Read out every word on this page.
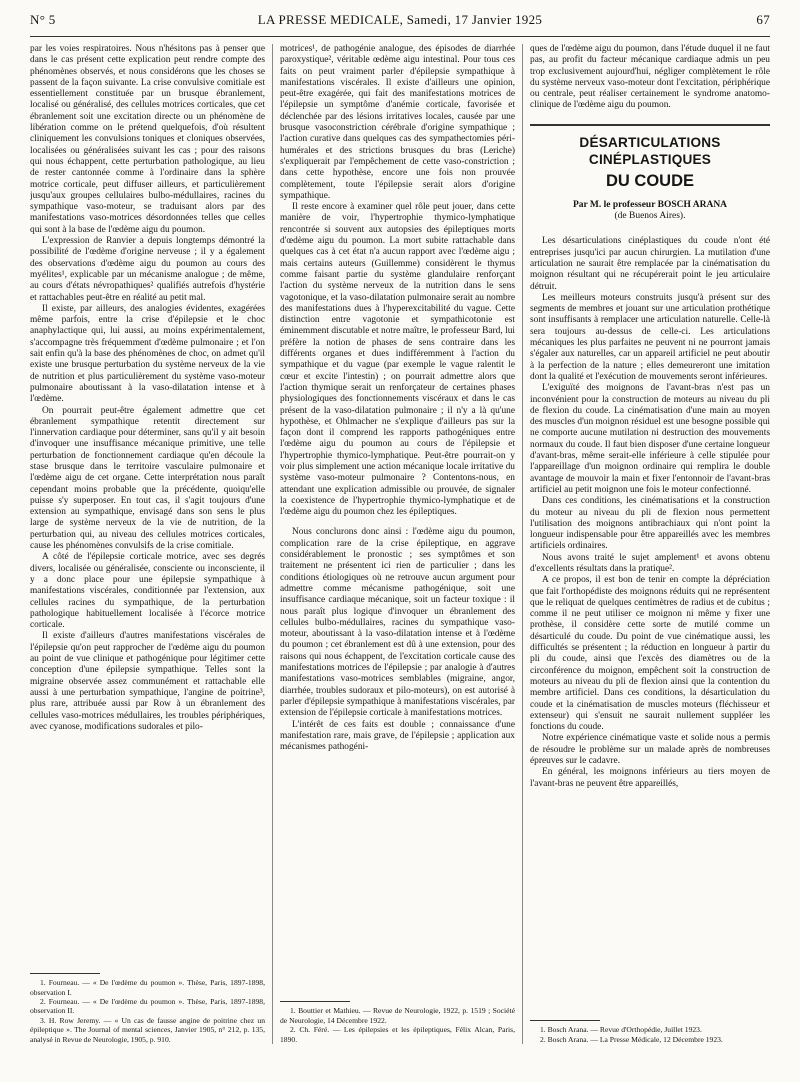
N° 5	LA PRESSE MEDICALE, Samedi, 17 Janvier 1925	67

par les voies respiratoires. Nous n'hésitons pas à penser que dans le cas présent cette explication peut rendre compte des phénomènes observés, et nous considérons que les choses se passent de la façon suivante. La crise convulsive comitiale est essentiellement constituée par un brusque ébranlement, localisé ou généralisé, des cellules motrices corticales, que cet ébranlement soit une excitation directe ou un phénomène de libération comme on le prétend quelquefois, d'où résultent cliniquement les convulsions toniques et cloniques observées, localisées ou généralisées suivant les cas ; pour des raisons qui nous échappent, cette perturbation pathologique, au lieu de rester cantonnée comme à l'ordinaire dans la sphère motrice corticale, peut diffuser ailleurs, et particulièrement jusqu'aux groupes cellulaires bulbo-médullaires, racines du sympathique vaso-moteur, se traduisant alors par des manifestations vaso-motrices désordonnées telles que celles qui sont à la base de l'œdème aigu du poumon.

L'expression de Ranvier a depuis longtemps démontré la possibilité de l'œdème d'origine nerveuse ; il y a également des observations d'œdème aigu du poumon au cours des myélites¹, explicable par un mécanisme analogue ; de même, au cours d'états névropathiques² qualifiés autrefois d'hystérie et rattachables peut-être en réalité au petit mal.

Il existe, par ailleurs, des analogies évidentes, exagérées même parfois, entre la crise d'épilepsie et le choc anaphylactique qui, lui aussi, au moins expérimentalement, s'accompagne très fréquemment d'œdème pulmonaire ; et l'on sait enfin qu'à la base des phénomènes de choc, on admet qu'il existe une brusque perturbation du système nerveux de la vie de nutrition et plus particulièrement du système vaso-moteur pulmonaire aboutissant à la vaso-dilatation intense et à l'œdème.

On pourrait peut-être également admettre que cet ébranlement sympathique retentit directement sur l'innervation cardiaque pour déterminer, sans qu'il y ait besoin d'invoquer une insuffisance mécanique primitive, une telle perturbation de fonctionnement cardiaque qu'en découle la stase brusque dans le territoire vasculaire pulmonaire et l'œdème aigu de cet organe. Cette interprétation nous paraît cependant moins probable que la précédente, quoiqu'elle puisse s'y superposer. En tout cas, il s'agit toujours d'une extension au sympathique, envisagé dans son sens le plus large de système nerveux de la vie de nutrition, de la perturbation qui, au niveau des cellules motrices corticales, cause les phénomènes convulsifs de la crise comitiale.

A côté de l'épilepsie corticale motrice, avec ses degrés divers, localisée ou généralisée, consciente ou inconsciente, il y a donc place pour une épilepsie sympathique à manifestations viscérales, conditionnée par l'extension, aux cellules racines du sympathique, de la perturbation pathologique habituellement localisée à l'écorce motrice corticale.

Il existe d'ailleurs d'autres manifestations viscérales de l'épilepsie qu'on peut rapprocher de l'œdème aigu du poumon au point de vue clinique et pathogénique pour légitimer cette conception d'une épilepsie sympathique. Telles sont la migraine observée assez communément et rattachable elle aussi à une perturbation sympathique, l'angine de poitrine³, plus rare, attribuée aussi par Row à un ébranlement des cellules vaso-motrices médullaires, les troubles périphériques, avec cyanose, modifications sudorales et pilo-

1. Fourneau. — « De l'œdème du poumon ». Thèse, Paris, 1897-1898, observation I.
2. Fourneau. — « De l'œdème du poumon ». Thèse, Paris, 1897-1898, observation II.
3. H. Row Jeremy. — « Un cas de fausse angine de poitrine chez un épileptique ». The Journal of mental sciences, Janvier 1905, n° 212, p. 135, analysé in Revue de Neurologie, 1905, p. 910.

motrices¹, de pathogénie analogue, des épisodes de diarrhée paroxystique², véritable œdème aigu intestinal. Pour tous ces faits on peut vraiment parler d'épilepsie sympathique à manifestations viscérales. Il existe d'ailleurs une opinion, peut-être exagérée, qui fait des manifestations motrices de l'épilepsie un symptôme d'anémie corticale, favorisée et déclenchée par des lésions irritatives locales, causée par une brusque vasoconstriction cérébrale d'origine sympathique ; l'action curative dans quelques cas des sympathectomies péri-humérales et des strictions brusques du bras (Leriche) s'expliquerait par l'empêchement de cette vaso-constriction ; dans cette hypothèse, encore une fois non prouvée complètement, toute l'épilepsie serait alors d'origine sympathique.

Il reste encore à examiner quel rôle peut jouer, dans cette manière de voir, l'hypertrophie thymico-lymphatique rencontrée si souvent aux autopsies des épileptiques morts d'œdème aigu du poumon. La mort subite rattachable dans quelques cas à cet état n'a aucun rapport avec l'œdème aigu ; mais certains auteurs (Guillemme) considèrent le thymus comme faisant partie du système glandulaire renforçant l'action du système nerveux de la nutrition dans le sens vagotonique, et la vaso-dilatation pulmonaire serait au nombre des manifestations dues à l'hyperexcitabilité du vague. Cette distinction entre vagotonie et sympathicotonie est éminemment discutable et notre maître, le professeur Bard, lui préfère la notion de phases de sens contraire dans les différents organes et dues indifféremment à l'action du sympathique et du vague (par exemple le vague ralentit le cœur et excite l'intestin) ; on pourrait admettre alors que l'action thymique serait un renforçateur de certaines phases physiologiques des fonctionnements viscéraux et dans le cas présent de la vaso-dilatation pulmonaire ; il n'y a là qu'une hypothèse, et Ohlmacher ne s'explique d'ailleurs pas sur la façon dont il comprend les rapports pathogéniques entre l'œdème aigu du poumon au cours de l'épilepsie et l'hypertrophie thymico-lymphatique. Peut-être pourrait-on y voir plus simplement une action mécanique locale irritative du système vaso-moteur pulmonaire ? Contentons-nous, en attendant une explication admissible ou prouvée, de signaler la coexistence de l'hypertrophie thymico-lymphatique et de l'œdème aigu du poumon chez les épileptiques.

Nous conclurons donc ainsi : l'œdème aigu du poumon, complication rare de la crise épileptique, en aggrave considérablement le pronostic ; ses symptômes et son traitement ne présentent ici rien de particulier ; dans les conditions étiologiques où ne retrouve aucun argument pour admettre comme mécanisme pathogénique, soit une insuffisance cardiaque mécanique, soit un facteur toxique : il nous paraît plus logique d'invoquer un ébranlement des cellules bulbo-médullaires, racines du sympathique vaso-moteur, aboutissant à la vaso-dilatation intense et à l'œdème du poumon ; cet ébranlement est dû à une extension, pour des raisons qui nous échappent, de l'excitation corticale cause des manifestations motrices de l'épilepsie ; par analogie à d'autres manifestations vaso-motrices semblables (migraine, angor, diarrhée, troubles sudoraux et pilo-moteurs), on est autorisé à parler d'épilepsie sympathique à manifestations viscérales, par extension de l'épilepsie corticale à manifestations motrices.

L'intérêt de ces faits est double ; connaissance d'une manifestation rare, mais grave, de l'épilepsie ; application aux mécanismes pathogéni-

1. Bouttier et Mathieu. — Revue de Neurologie, 1922, p. 1519 ; Société de Neurologie, 14 Décembre 1922.
2. Ch. Féré. — Les épilepsies et les épileptiques, Félix Alcan, Paris, 1890.

ques de l'œdème aigu du poumon, dans l'étude duquel il ne faut pas, au profit du facteur mécanique cardiaque admis un peu trop exclusivement aujourd'hui, négliger complètement le rôle du système nerveux vaso-moteur dont l'excitation, périphérique ou centrale, peut réaliser certainement le syndrome anatomo-clinique de l'œdème aigu du poumon.

DÉSARTICULATIONS CINÉPLASTIQUES
DU COUDE
Par M. le professeur BOSCH ARANA
(de Buenos Aires).

Les désarticulations cinéplastiques du coude n'ont été entreprises jusqu'ici par aucun chirurgien. La mutilation d'une articulation ne saurait être remplacée par la cinématisation du moignon résultant qui ne récupérerait point le jeu articulaire détruit.

Les meilleurs moteurs construits jusqu'à présent sur des segments de membres et jouant sur une articulation prothétique sont insuffisants à remplacer une articulation naturelle. Celle-là sera toujours au-dessus de celle-ci. Les articulations mécaniques les plus parfaites ne peuvent ni ne pourront jamais s'égaler aux naturelles, car un appareil artificiel ne peut aboutir à la perfection de la nature ; elles demeureront une imitation dont la qualité et l'exécution de mouvements seront inférieures.

L'exiguïté des moignons de l'avant-bras n'est pas un inconvénient pour la construction de moteurs au niveau du pli de flexion du coude. La cinématisation d'une main au moyen des muscles d'un moignon résiduel est une besogne possible qui ne comporte aucune mutilation ni destruction des mouvements normaux du coude. Il faut bien disposer d'une certaine longueur d'avant-bras, même serait-elle inférieure à celle stipulée pour l'appareillage d'un moignon ordinaire qui remplira le double avantage de mouvoir la main et fixer l'entonnoir de l'avant-bras artificiel au petit moignon une fois le moteur confectionné.

Dans ces conditions, les cinématisations et la construction du moteur au niveau du pli de flexion nous permettent l'utilisation des moignons antibrachiaux qui n'ont point la longueur indispensable pour être appareillés avec les membres artificiels ordinaires.

Nous avons traité le sujet amplement¹ et avons obtenu d'excellents résultats dans la pratique².

A ce propos, il est bon de tenir en compte la dépréciation que fait l'orthopédiste des moignons réduits qui ne représentent que le reliquat de quelques centimètres de radius et de cubitus ; comme il ne peut utiliser ce moignon ni même y fixer une prothèse, il considère cette sorte de mutilé comme un désarticulé du coude. Du point de vue cinématique aussi, les difficultés se présentent ; la réduction en longueur à partir du pli du coude, ainsi que l'excès des diamètres ou de la circonférence du moignon, empêchent soit la construction de moteurs au niveau du pli de flexion ainsi que la contention du membre artificiel. Dans ces conditions, la désarticulation du coude et la cinématisation de muscles moteurs (fléchisseur et extenseur) qui s'ensuit ne saurait nullement suppléer les fonctions du coude.

Notre expérience cinématique vaste et solide nous a permis de résoudre le problème sur un malade après de nombreuses épreuves sur le cadavre.

En général, les moignons inférieurs au tiers moyen de l'avant-bras ne peuvent être appareillés,

1. Bosch Arana. — Revue d'Orthopédie, Juillet 1923.
2. Bosch Arana. — La Presse Médicale, 12 Décembre 1923.
